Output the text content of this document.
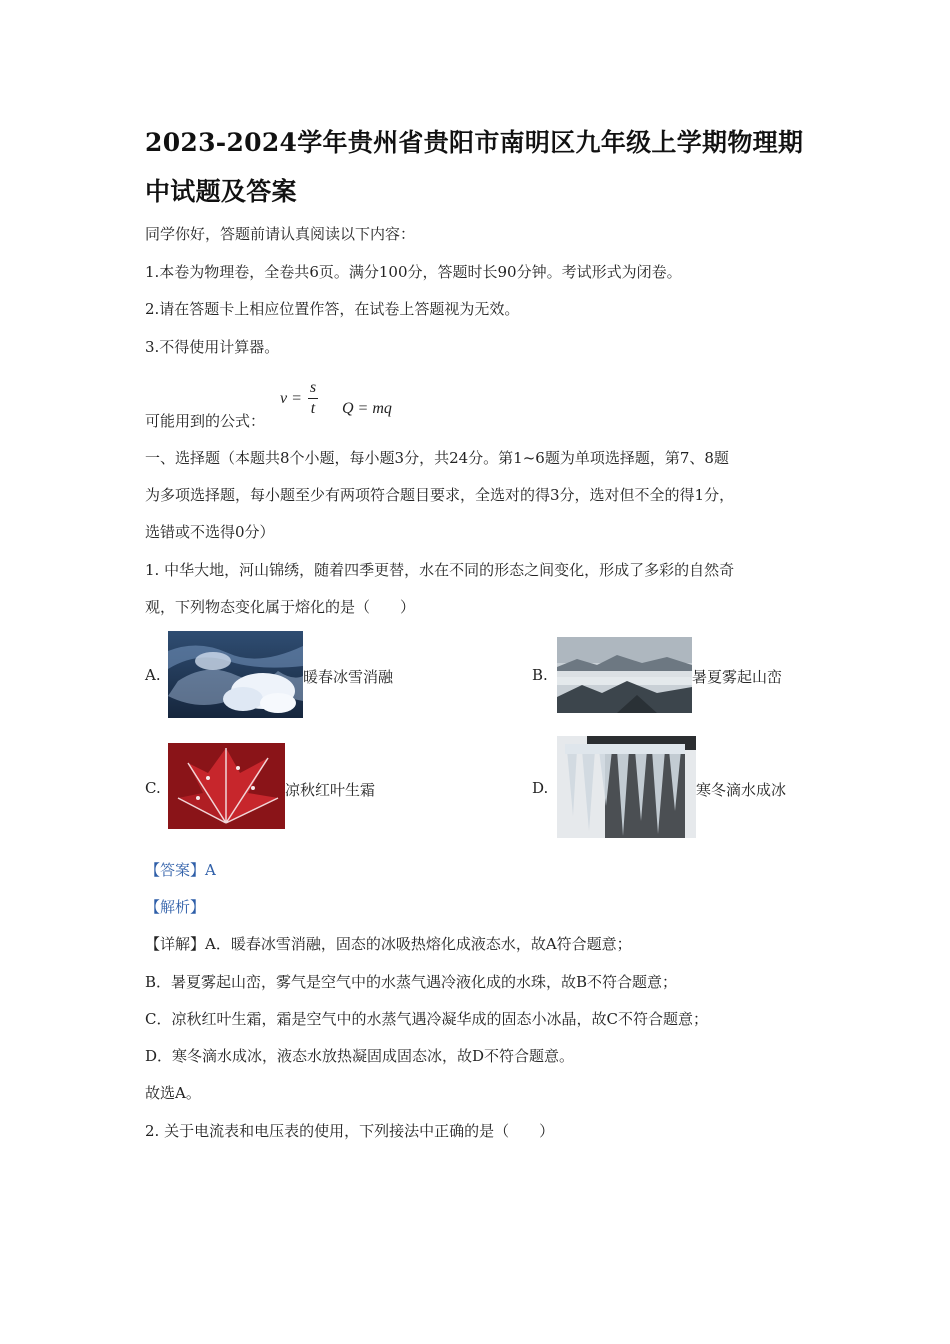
2023-2024学年贵州省贵阳市南明区九年级上学期物理期中试题及答案
同学你好，答题前请认真阅读以下内容：
1.本卷为物理卷，全卷共6页。满分100分，答题时长90分钟。考试形式为闭卷。
2.请在答题卡上相应位置作答，在试卷上答题视为无效。
3.不得使用计算器。
可能用到的公式：
$v = \frac{s}{t}$ Q = mq
一、选择题（本题共8个小题，每小题3分，共24分。第1~6题为单项选择题，第7、8题
为多项选择题，每小题至少有两项符合题目要求，全选对的得3分，选对但不全的得1分，
选错或不选得0分）
1. 中华大地，河山锦绣，随着四季更替，水在不同的形态之间变化，形成了多彩的自然奇
观，下列物态变化属于熔化的是（　　）
A.	暖春冰雪消融	B.	暑夏雾起山峦
C.	凉秋红叶生霜	D.	寒冬滴水成冰
【答案】A
【解析】
【详解】A．暖春冰雪消融，固态的冰吸热熔化成液态水，故A符合题意；
B．暑夏雾起山峦，雾气是空气中的水蒸气遇冷液化成的水珠，故B不符合题意；
C．凉秋红叶生霜，霜是空气中的水蒸气遇冷凝华成的固态小冰晶，故C不符合题意；
D．寒冬滴水成冰，液态水放热凝固成固态冰，故D不符合题意。
故选A。
2. 关于电流表和电压表的使用，下列接法中正确的是（　　）
